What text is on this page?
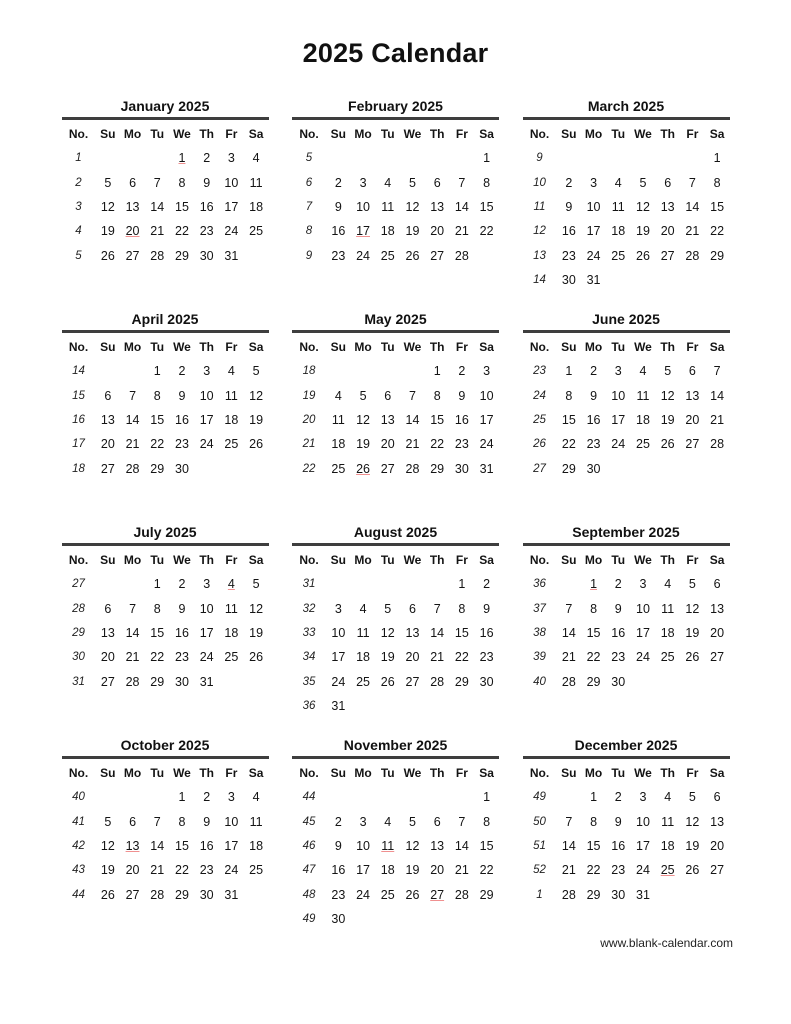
2025 Calendar
January 2025
No.	Su	Mo	Tu	We	Th	Fr	Sa
1				1	2	3	4
2	5	6	7	8	9	10	11
3	12	13	14	15	16	17	18
4	19	20	21	22	23	24	25
5	26	27	28	29	30	31	
February 2025
No.	Su	Mo	Tu	We	Th	Fr	Sa
5							1
6	2	3	4	5	6	7	8
7	9	10	11	12	13	14	15
8	16	17	18	19	20	21	22
9	23	24	25	26	27	28	
March 2025
No.	Su	Mo	Tu	We	Th	Fr	Sa
9							1
10	2	3	4	5	6	7	8
11	9	10	11	12	13	14	15
12	16	17	18	19	20	21	22
13	23	24	25	26	27	28	29
14	30	31					
April 2025
No.	Su	Mo	Tu	We	Th	Fr	Sa
14			1	2	3	4	5
15	6	7	8	9	10	11	12
16	13	14	15	16	17	18	19
17	20	21	22	23	24	25	26
18	27	28	29	30			
May 2025
No.	Su	Mo	Tu	We	Th	Fr	Sa
18					1	2	3
19	4	5	6	7	8	9	10
20	11	12	13	14	15	16	17
21	18	19	20	21	22	23	24
22	25	26	27	28	29	30	31
June 2025
No.	Su	Mo	Tu	We	Th	Fr	Sa
23	1	2	3	4	5	6	7
24	8	9	10	11	12	13	14
25	15	16	17	18	19	20	21
26	22	23	24	25	26	27	28
27	29	30					
July 2025
No.	Su	Mo	Tu	We	Th	Fr	Sa
27			1	2	3	4	5
28	6	7	8	9	10	11	12
29	13	14	15	16	17	18	19
30	20	21	22	23	24	25	26
31	27	28	29	30	31		
August 2025
No.	Su	Mo	Tu	We	Th	Fr	Sa
31						1	2
32	3	4	5	6	7	8	9
33	10	11	12	13	14	15	16
34	17	18	19	20	21	22	23
35	24	25	26	27	28	29	30
36	31						
September 2025
No.	Su	Mo	Tu	We	Th	Fr	Sa
36		1	2	3	4	5	6
37	7	8	9	10	11	12	13
38	14	15	16	17	18	19	20
39	21	22	23	24	25	26	27
40	28	29	30				
October 2025
No.	Su	Mo	Tu	We	Th	Fr	Sa
40				1	2	3	4
41	5	6	7	8	9	10	11
42	12	13	14	15	16	17	18
43	19	20	21	22	23	24	25
44	26	27	28	29	30	31	
November 2025
No.	Su	Mo	Tu	We	Th	Fr	Sa
44							1
45	2	3	4	5	6	7	8
46	9	10	11	12	13	14	15
47	16	17	18	19	20	21	22
48	23	24	25	26	27	28	29
49	30						
December 2025
No.	Su	Mo	Tu	We	Th	Fr	Sa
49		1	2	3	4	5	6
50	7	8	9	10	11	12	13
51	14	15	16	17	18	19	20
52	21	22	23	24	25	26	27
1	28	29	30	31			
www.blank-calendar.com
